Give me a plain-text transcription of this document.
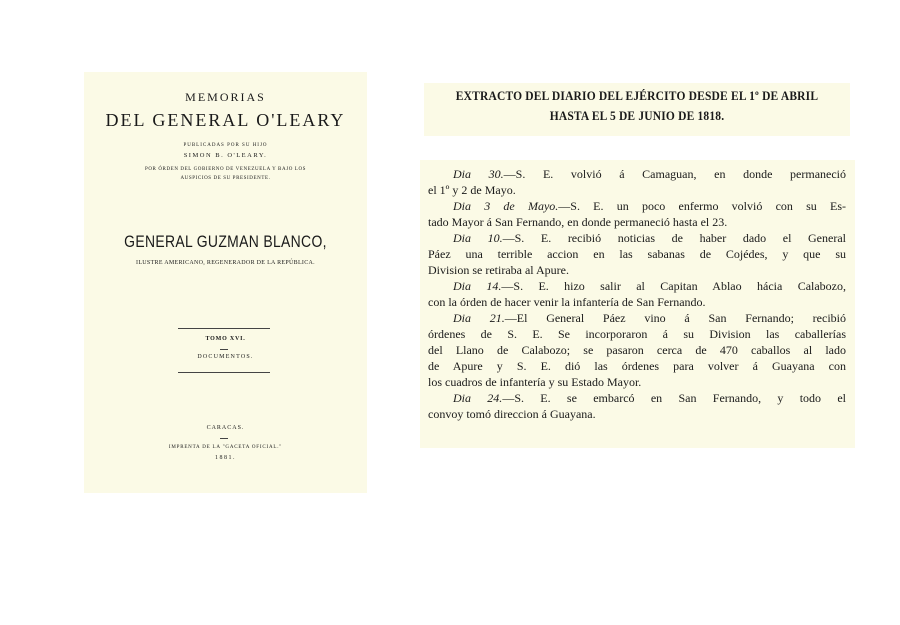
MEMORIAS
DEL GENERAL O'LEARY
PUBLICADAS POR SU HIJO
SIMON B. O'LEARY.
POR ÓRDEN DEL GOBIERNO DE VENEZUELA Y BAJO LOS
AUSPICIOS DE SU PRESIDENTE.
GENERAL GUZMAN BLANCO,
ILUSTRE AMERICANO, REGENERADOR DE LA REPÚBLICA.
TOMO XVI.
DOCUMENTOS.
CARACAS.
IMPRENTA DE LA "GACETA OFICIAL."
1881.
EXTRACTO DEL DIARIO DEL EJÉRCITO DESDE EL 1º DE ABRIL
HASTA EL 5 DE JUNIO DE 1818.
Dia 30.—S. E. volvió á Camaguan, en donde permaneció
el 1º y 2 de Mayo.
Dia 3 de Mayo.—S. E. un poco enfermo volvió con su Es-
tado Mayor á San Fernando, en donde permaneció hasta el 23.
Dia 10.—S. E. recibió noticias de haber dado el General
Páez una terrible accion en las sabanas de Cojédes, y que su
Division se retiraba al Apure.
Dia 14.—S. E. hizo salir al Capitan Ablao hácia Calabozo,
con la órden de hacer venir la infantería de San Fernando.
Dia 21.—El General Páez vino á San Fernando; recibió
órdenes de S. E. Se incorporaron á su Division las caballerías
del Llano de Calabozo; se pasaron cerca de 470 caballos al lado
de Apure y S. E. dió las órdenes para volver á Guayana con
los cuadros de infantería y su Estado Mayor.
Dia 24.—S. E. se embarcó en San Fernando, y todo el
convoy tomó direccion á Guayana.
